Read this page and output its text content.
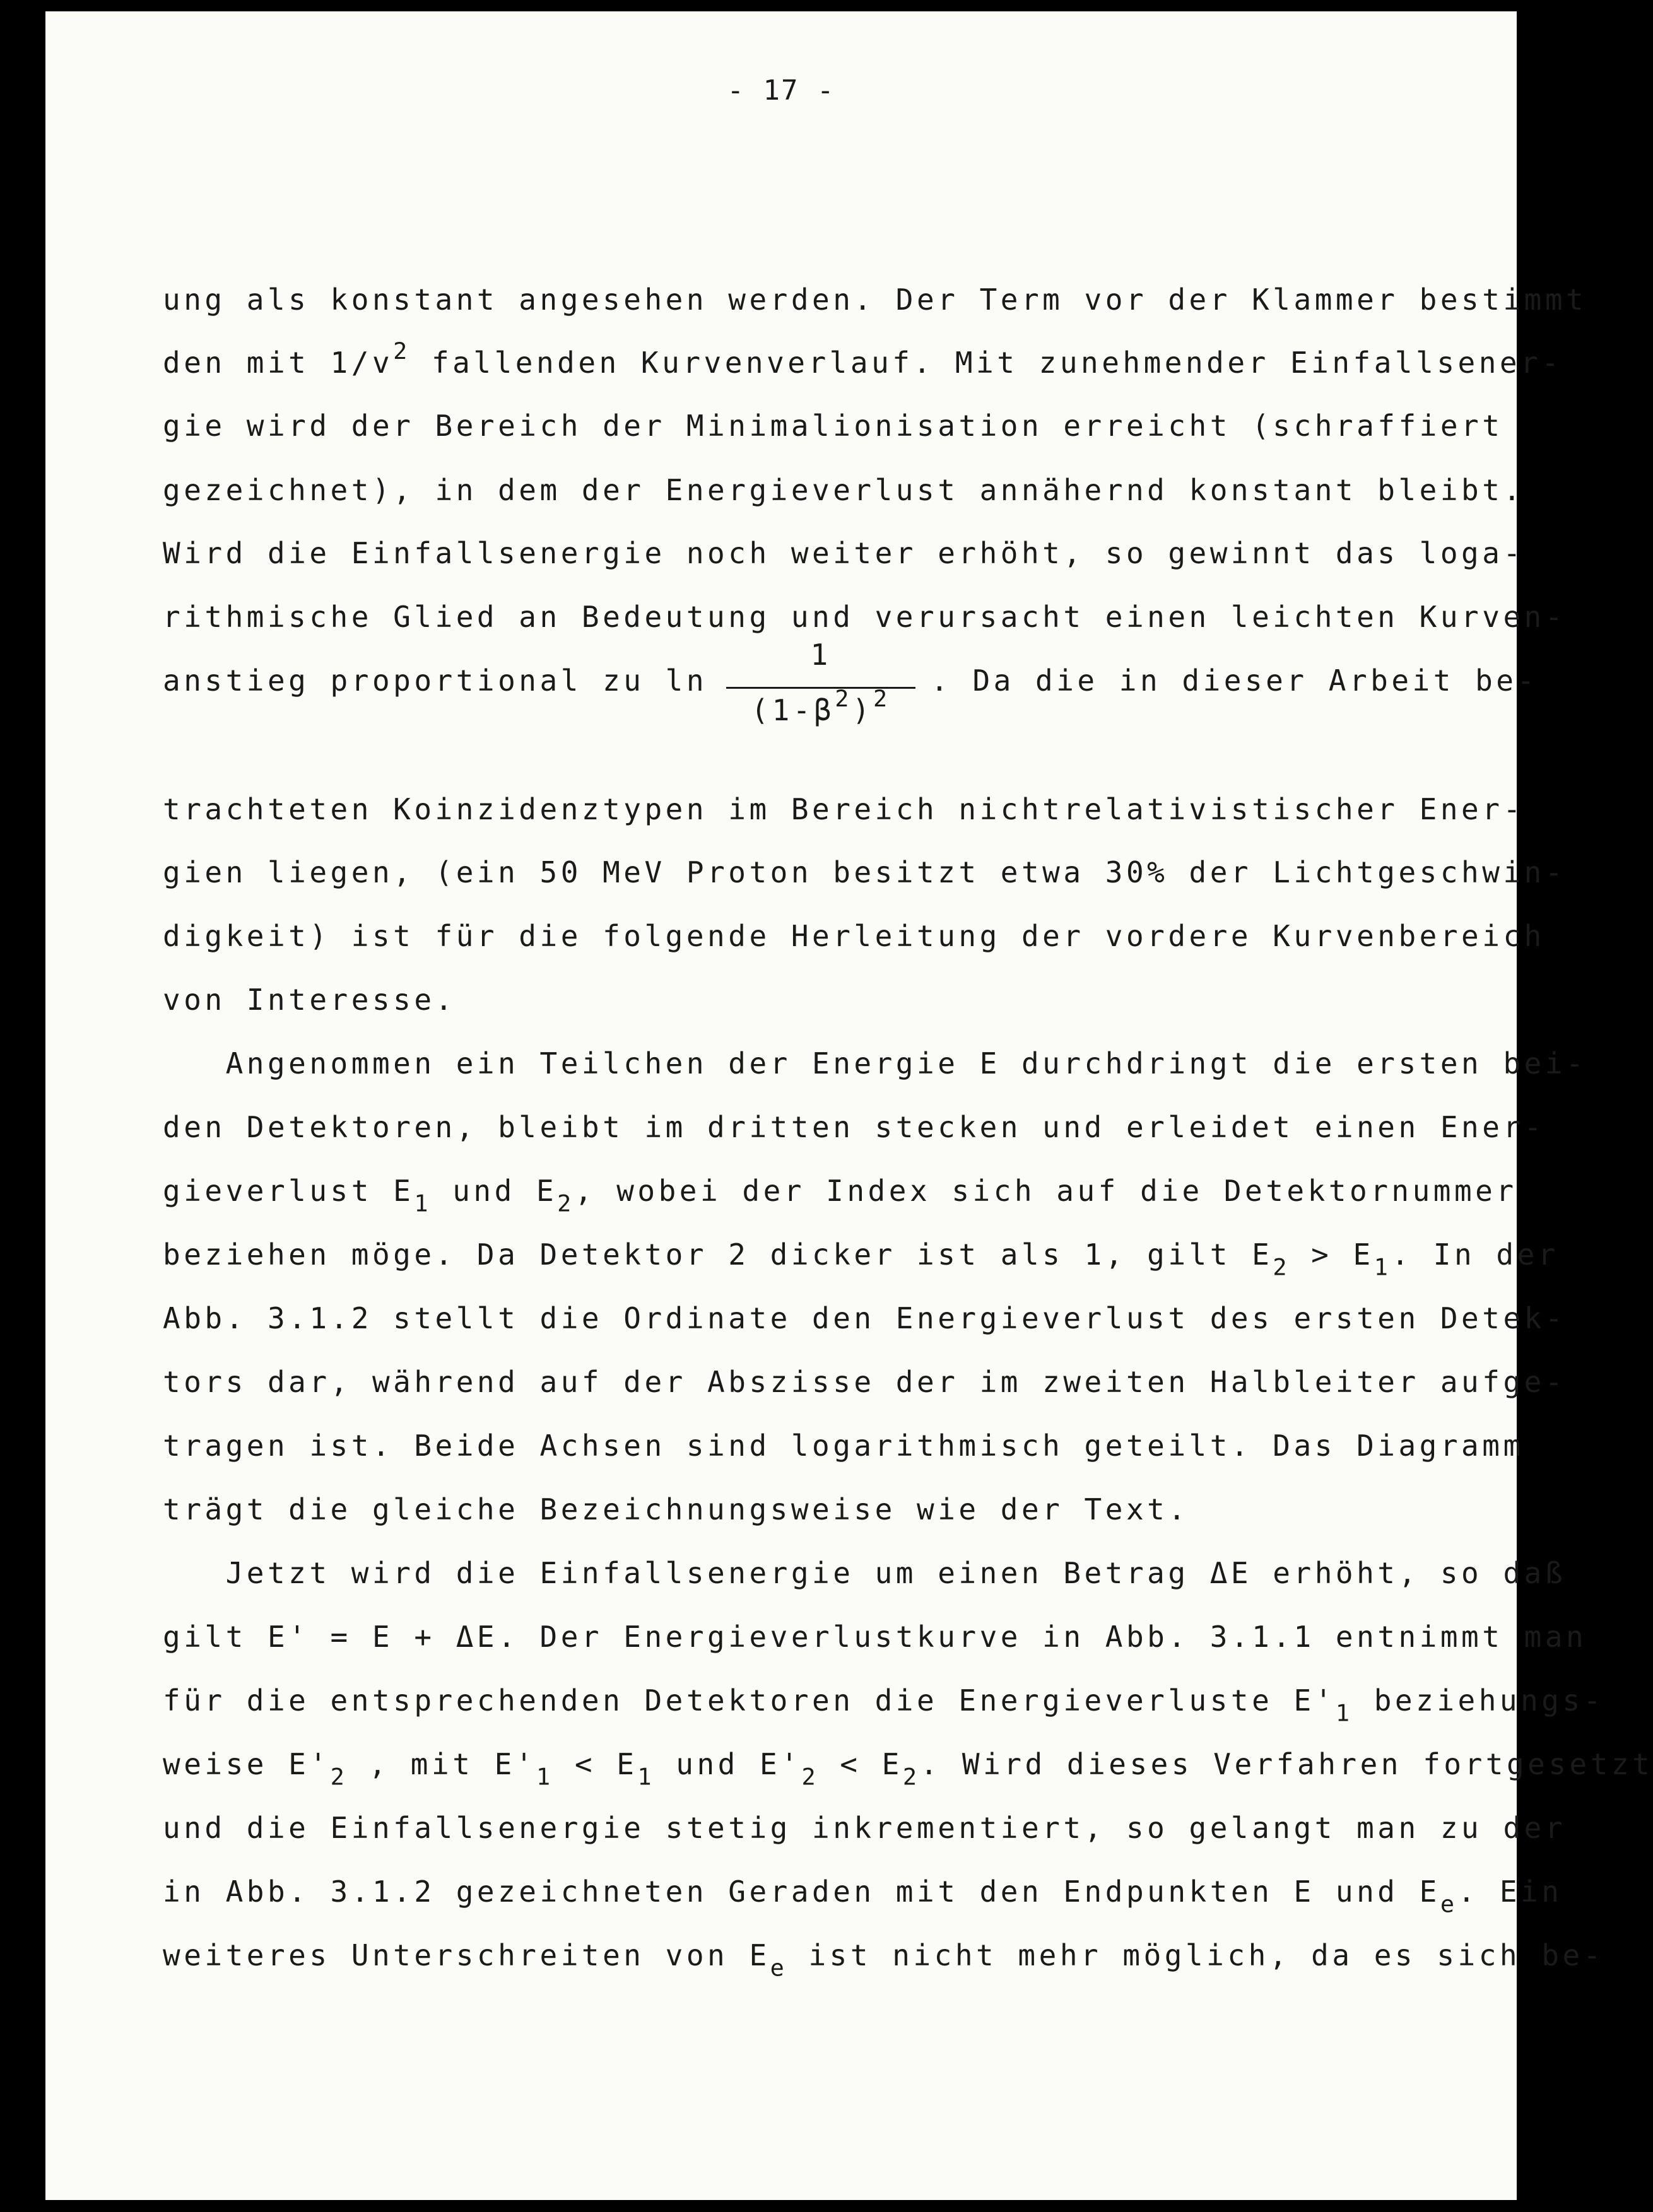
- 17 -
ung als konstant angesehen werden. Der Term vor der Klammer bestimmt
den mit $1/v^2$ fallenden Kurvenverlauf. Mit zunehmender Einfallsener-
gie wird der Bereich der Minimalionisation erreicht (schraffiert
gezeichnet), in dem der Energieverlust annähernd konstant bleibt.
Wird die Einfallsenergie noch weiter erhöht, so gewinnt das loga-
rithmische Glied an Bedeutung und verursacht einen leichten Kurven-
anstieg proportional zu $\ln \frac{1}{(1-\beta^2)^2}$ . Da die in dieser Arbeit be-
trachteten Koinzidenztypen im Bereich nichtrelativistischer Ener-
gien liegen, (ein 50 MeV Proton besitzt etwa 30% der Lichtgeschwin-
digkeit) ist für die folgende Herleitung der vordere Kurvenbereich
von Interesse.
Angenommen ein Teilchen der Energie E durchdringt die ersten bei-
den Detektoren, bleibt im dritten stecken und erleidet einen Ener-
gieverlust $E_1$ und $E_2$, wobei der Index sich auf die Detektornummer
beziehen möge. Da Detektor 2 dicker ist als 1, gilt $E_2 > E_1$. In der
Abb. 3.1.2 stellt die Ordinate den Energieverlust des ersten Detek-
tors dar, während auf der Abszisse der im zweiten Halbleiter aufge-
tragen ist. Beide Achsen sind logarithmisch geteilt. Das Diagramm
trägt die gleiche Bezeichnungsweise wie der Text.
Jetzt wird die Einfallsenergie um einen Betrag ΔE erhöht, so daß
gilt E' = E + ΔE. Der Energieverlustkurve in Abb. 3.1.1 entnimmt man
für die entsprechenden Detektoren die Energieverluste $E'_1$ beziehungs-
weise $E'_2$ , mit $E'_1 < E_1$ und $E'_2 < E_2$. Wird dieses Verfahren fortgesetzt
und die Einfallsenergie stetig inkrementiert, so gelangt man zu der
in Abb. 3.1.2 gezeichneten Geraden mit den Endpunkten E und $E_e$. Ein
weiteres Unterschreiten von $E_e$ ist nicht mehr möglich, da es sich be-
